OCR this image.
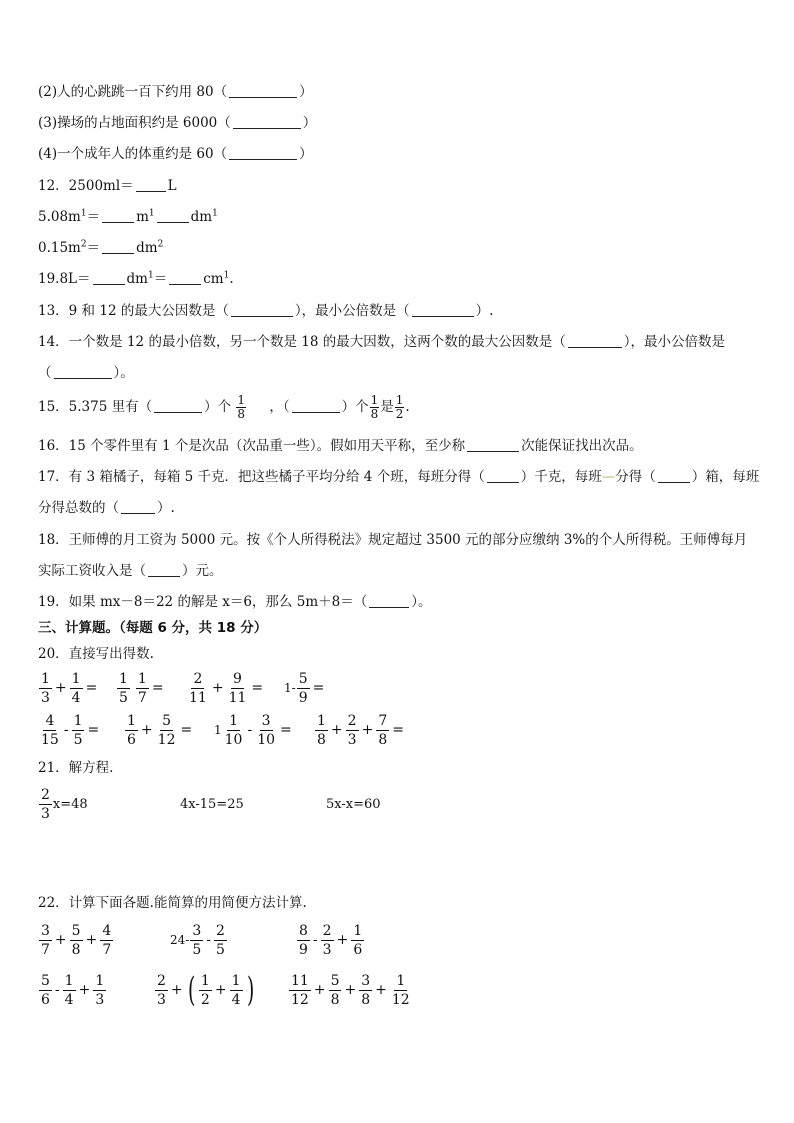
(2)人的心跳跳一百下约用 80（	）
(3)操场的占地面积约是 6000（	）
(4)一个成年人的体重约是 60（	）
12．2500ml＝	L
$5.08m^1=$	$m^1$	$dm^1$
$0.15m^2=$	$dm^2$
19.8L＝	$dm^1=$	$cm^1$.
13．9 和 12 的最大公因数是（	），最小公倍数是（	）.
14．一个数是 12 的最小倍数，另一个数是 18 的最大因数，这两个数的最大公因数是（	），最小公倍数是
（	）。
15．5.375 里有（	）个 $\frac{1}{8}$ ，（	）个 $\frac{1}{8}$ 是 $\frac{1}{2}$ .
16．15 个零件里有 1 个是次品（次品重一些）。假如用天平称，至少称	次能保证找出次品。
17．有 3 箱橘子，每箱 5 千克．把这些橘子平均分给 4 个班，每班分得（	）千克，每班—分得（	）箱，每班
分得总数的（	）.
18．王师傅的月工资为 5000 元。按《个人所得税法》规定超过 3500 元的部分应缴纳 3%的个人所得税。王师傅每月
实际工资收入是（	）元。
19．如果 mx－8＝22 的解是 x＝6，那么 5m＋8＝（	）。
三、计算题。（每题 6 分，共 18 分）
20．直接写出得数.
$\frac{1}{3} + \frac{1}{4} = \frac{1}{5} \frac{1}{7} = \frac{2}{11} + \frac{9}{11} = 1- \frac{5}{9}$ =
$\frac{4}{15} - \frac{1}{5} = \frac{1}{6} + \frac{5}{12} = 1 \frac{1}{10} - \frac{3}{10} = \frac{1}{8} + \frac{2}{3} + \frac{7}{8}$ =
21．解方程.
$\frac{2}{3} x=48$	4x-15=25	5x-x=60
22．计算下面各题.能简算的用简便方法计算.
$\frac{3}{7} + \frac{5}{8} + \frac{4}{7}$	$24- \frac{3}{5} - \frac{2}{5}$	$\frac{8}{9} - \frac{2}{3} + \frac{1}{6}$
$\frac{5}{6} - \frac{1}{4} + \frac{1}{3}$	$\frac{2}{3}$ + ( $\frac{1}{2} + \frac{1}{4}$ )	$\frac{11}{12} + \frac{5}{8} + \frac{3}{8} + \frac{1}{12}$
